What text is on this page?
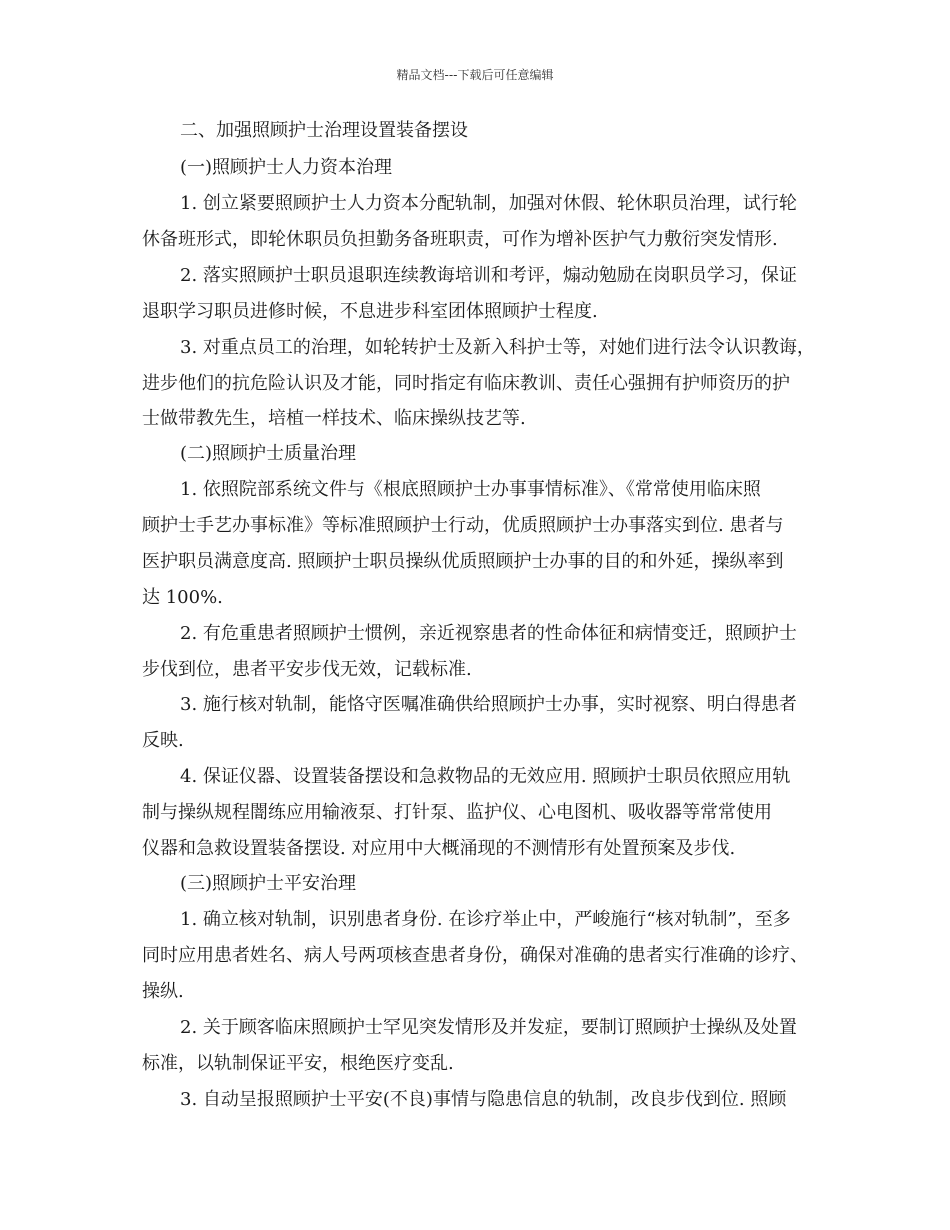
精品文档---下载后可任意编辑
二、加强照顾护士治理设置装备摆设
(一)照顾护士人力资本治理
1. 创立紧要照顾护士人力资本分配轨制，加强对休假、轮休职员治理，试行轮
休备班形式，即轮休职员负担勤务备班职责，可作为增补医护气力敷衍突发情形.
2. 落实照顾护士职员退职连续教诲培训和考评，煽动勉励在岗职员学习，保证
退职学习职员进修时候，不息进步科室团体照顾护士程度.
3. 对重点员工的治理，如轮转护士及新入科护士等，对她们进行法令认识教诲，
进步他们的抗危险认识及才能，同时指定有临床教训、责任心强拥有护师资历的护
士做带教先生，培植一样技术、临床操纵技艺等.
(二)照顾护士质量治理
1. 依照院部系统文件与《根底照顾护士办事事情标准》、《常常使用临床照
顾护士手艺办事标准》等标准照顾护士行动，优质照顾护士办事落实到位. 患者与
医护职员满意度高. 照顾护士职员操纵优质照顾护士办事的目的和外延，操纵率到
达 100%.
2. 有危重患者照顾护士惯例，亲近视察患者的性命体征和病情变迁，照顾护士
步伐到位，患者平安步伐无效，记载标准.
3. 施行核对轨制，能恪守医嘱准确供给照顾护士办事，实时视察、明白得患者
反映.
4. 保证仪器、设置装备摆设和急救物品的无效应用. 照顾护士职员依照应用轨
制与操纵规程闇练应用输液泵、打针泵、监护仪、心电图机、吸收器等常常使用
仪器和急救设置装备摆设. 对应用中大概涌现的不测情形有处置预案及步伐.
(三)照顾护士平安治理
1. 确立核对轨制，识别患者身份. 在诊疗举止中，严峻施行“核对轨制”，至多
同时应用患者姓名、病人号两项核查患者身份，确保对准确的患者实行准确的诊疗、
操纵.
2. 关于顾客临床照顾护士罕见突发情形及并发症，要制订照顾护士操纵及处置
标准，以轨制保证平安，根绝医疗变乱.
3. 自动呈报照顾护士平安(不良)事情与隐患信息的轨制，改良步伐到位. 照顾
